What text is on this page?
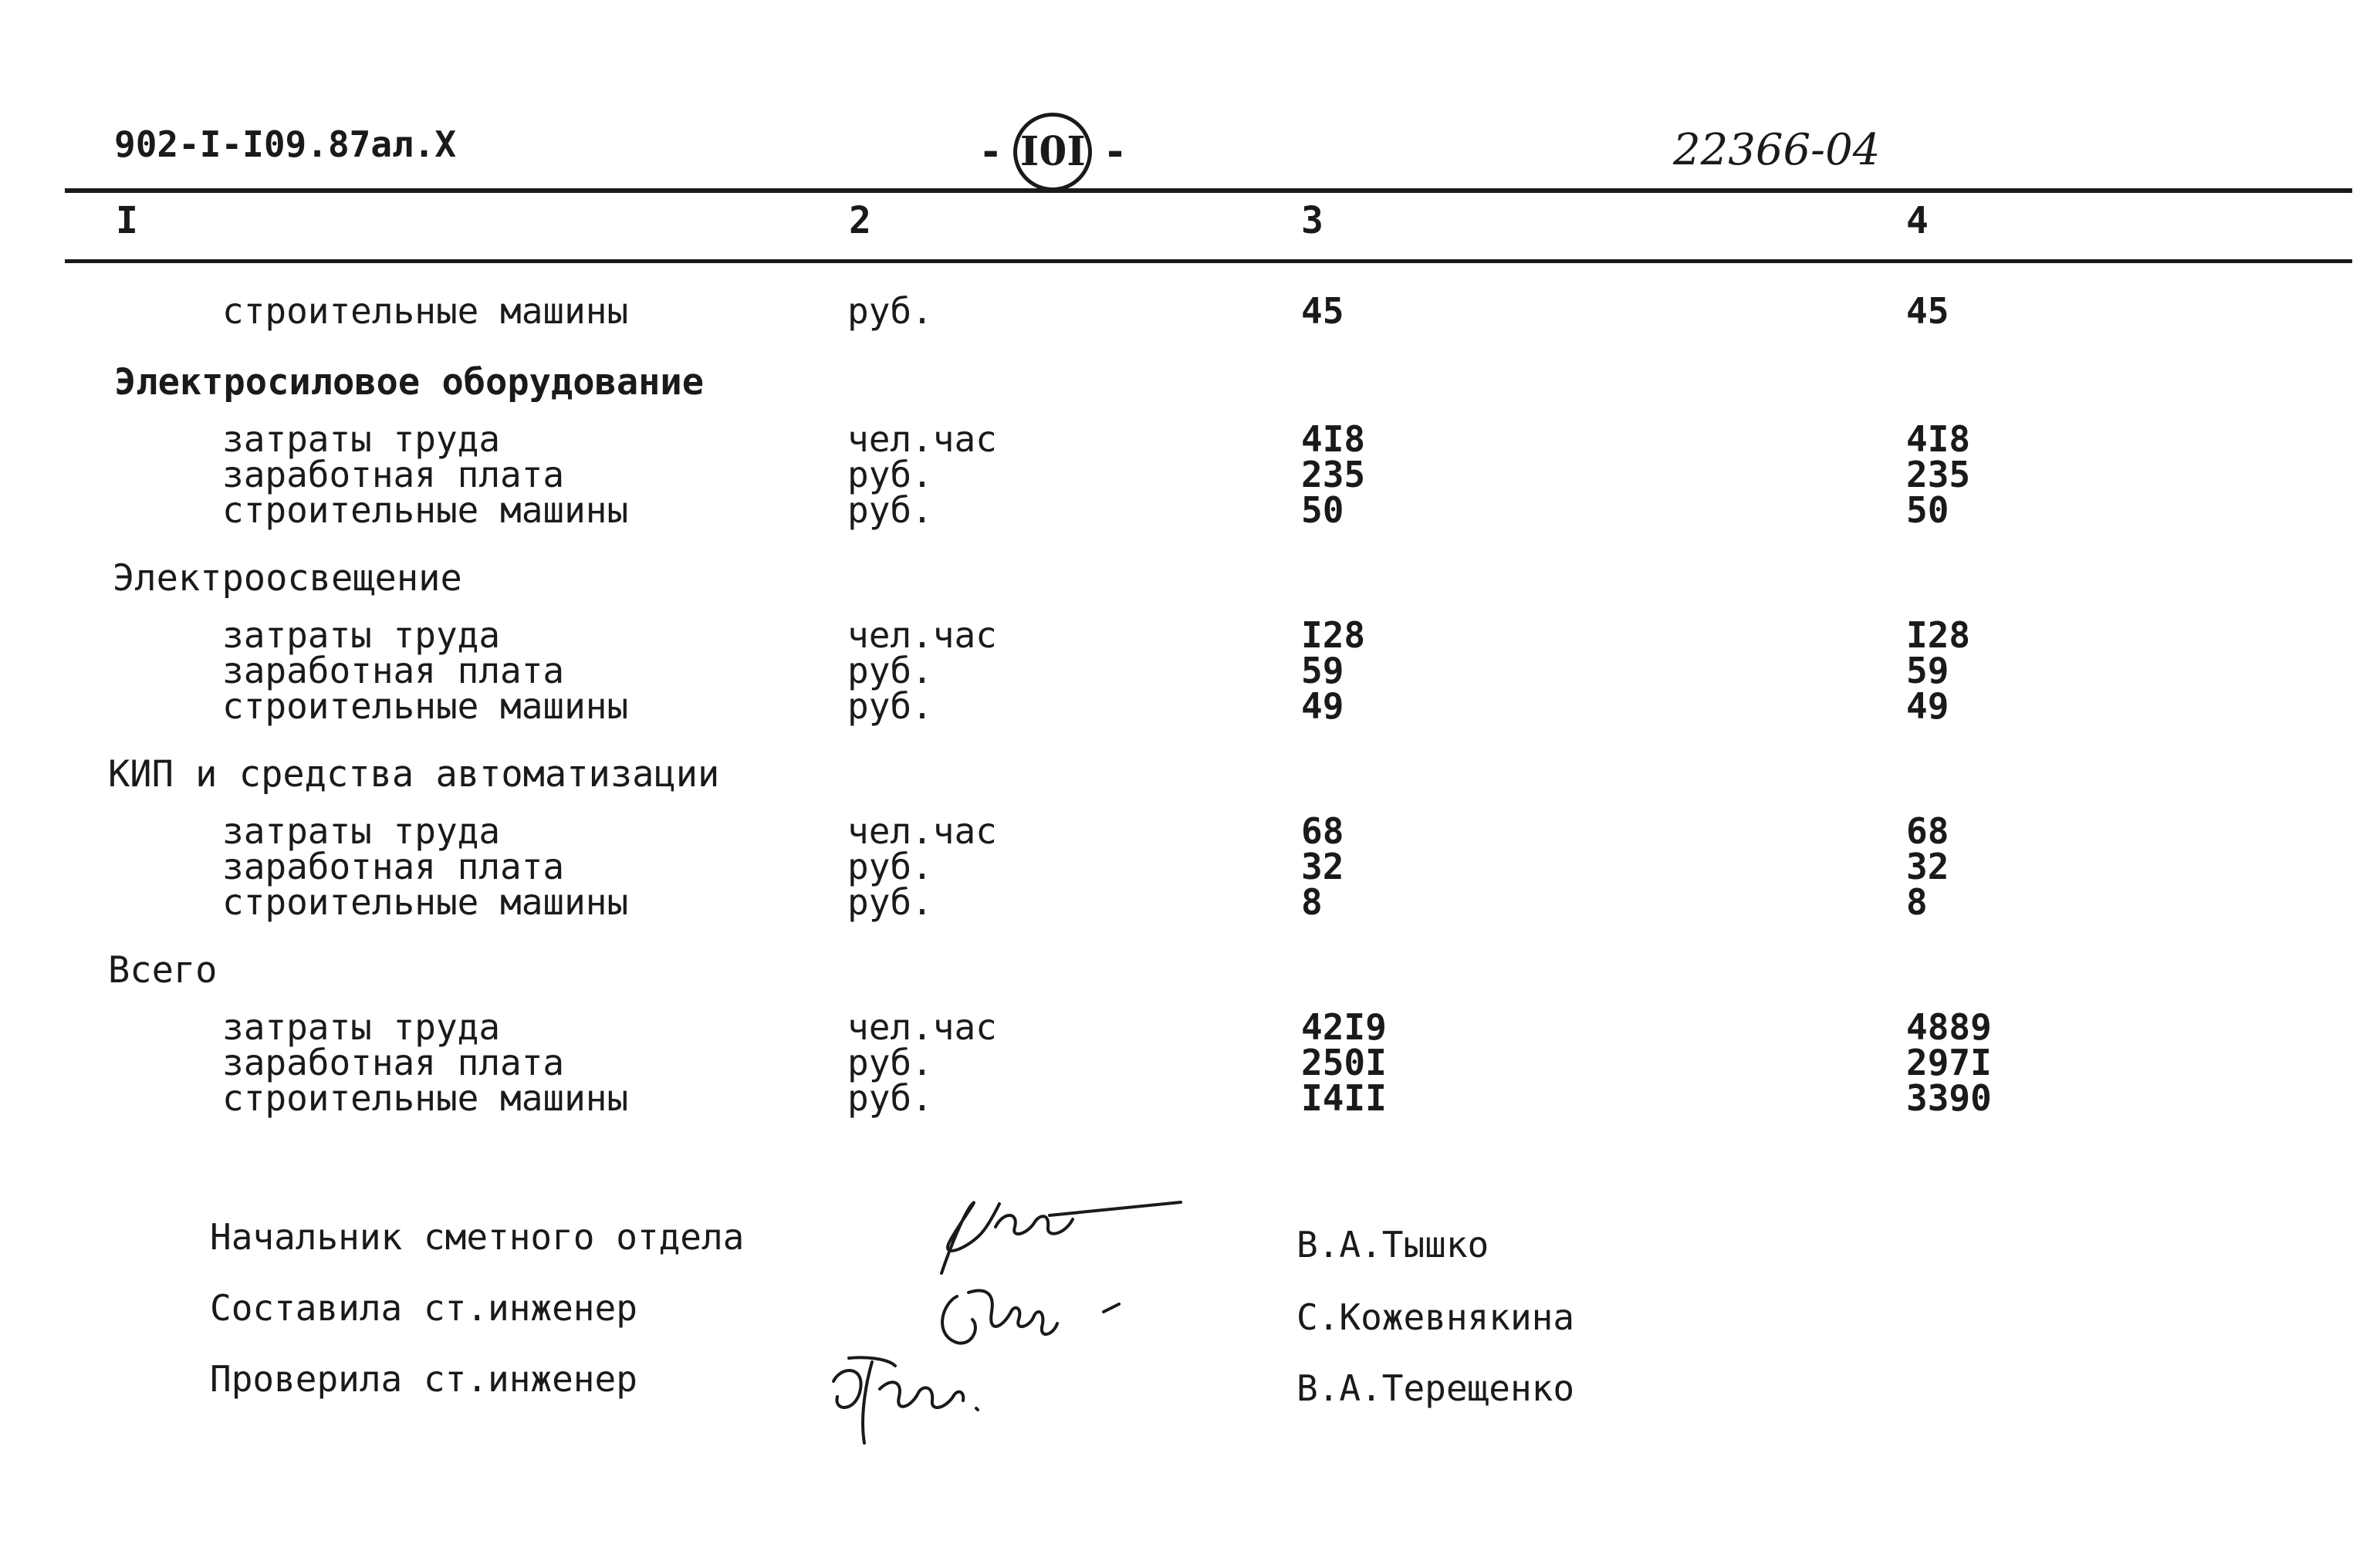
902-I-I09.87ал.X	- I0I -	22366-04
I	2	3	4
строительные машины	руб.	45	45
Электросиловое оборудование
затраты труда	чел.час	4I8	4I8
заработная плата	руб.	235	235
строительные машины	руб.	50	50
Электроосвещение
затраты труда	чел.час	I28	I28
заработная плата	руб.	59	59
строительные машины	руб.	49	49
КИП и средства автоматизации
затраты труда	чел.час	68	68
заработная плата	руб.	32	32
строительные машины	руб.	8	8
Всего
затраты труда	чел.час	42I9	4889
заработная плата	руб.	250I	297I
строительные машины	руб.	I4II	3390
Начальник сметного отдела
Составила ст.инженер
Проверила ст.инженер
В.А.Тышко
С.Кожевнякина
В.А.Терещенко
